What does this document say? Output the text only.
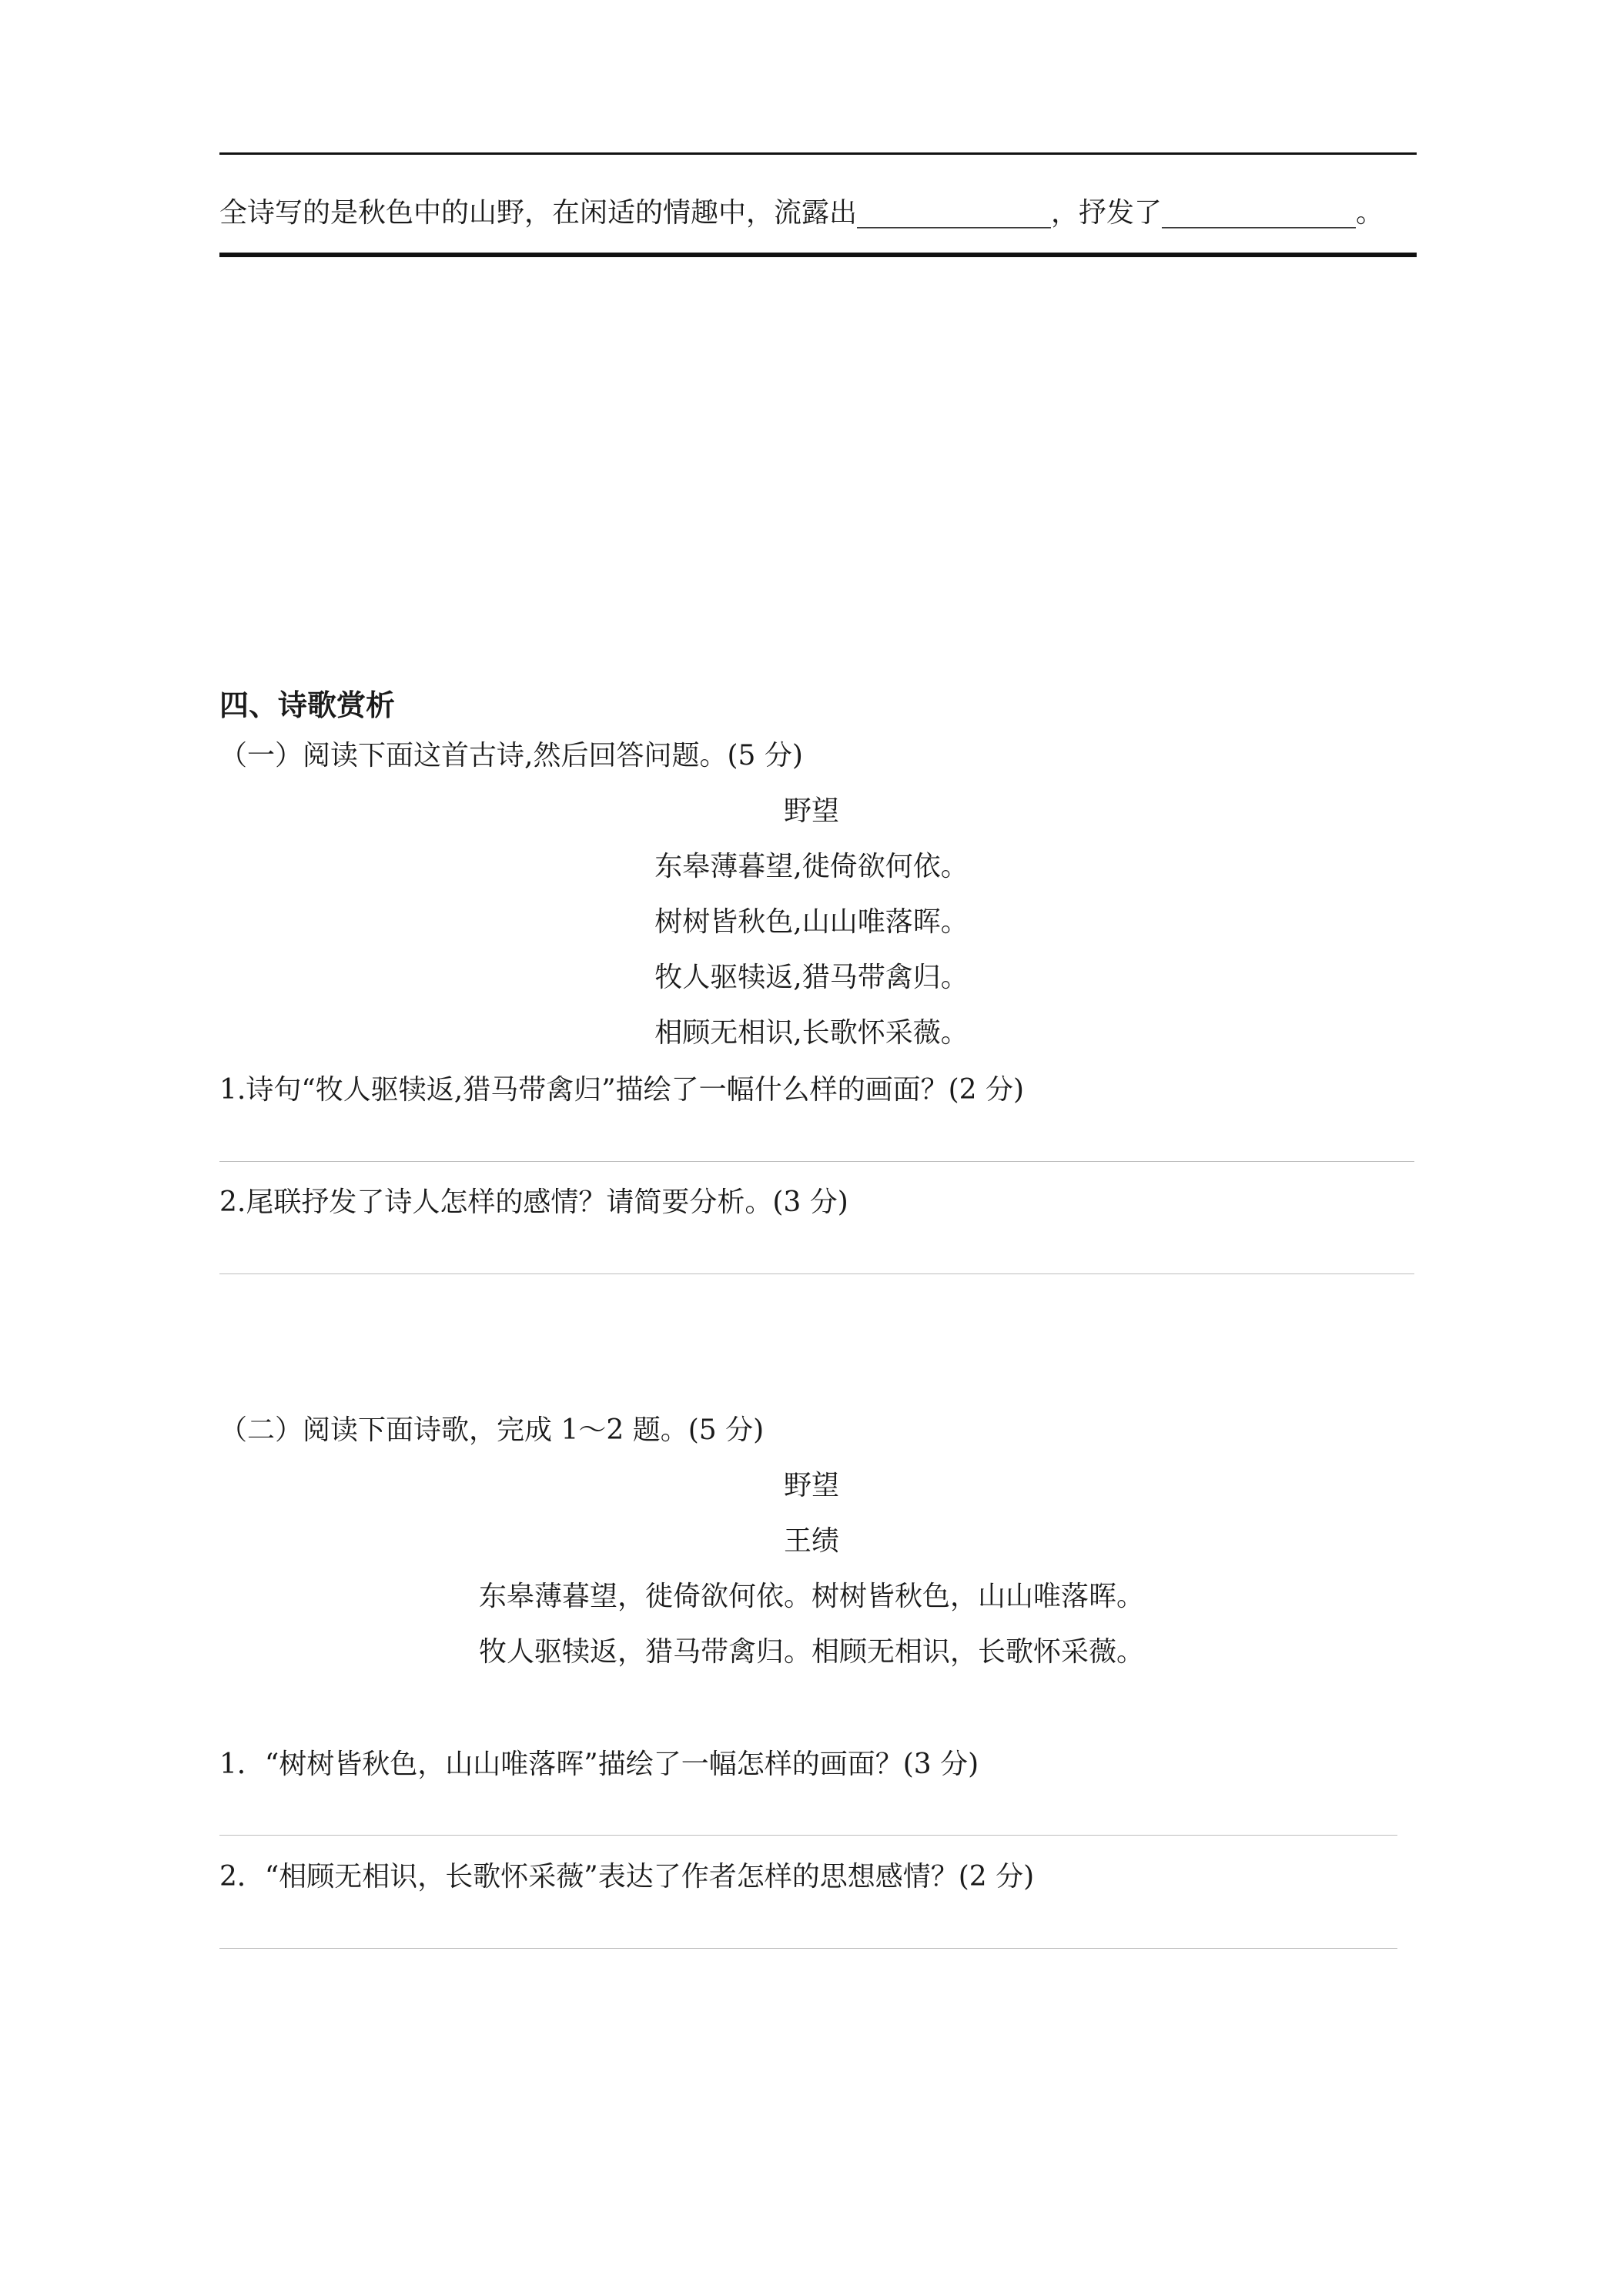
全诗写的是秋色中的山野，在闲适的情趣中，流露出______________，抒发了______________。
四、诗歌赏析
（一）阅读下面这首古诗,然后回答问题。(5 分)
野望
东皋薄暮望,徙倚欲何依。
树树皆秋色,山山唯落晖。
牧人驱犊返,猎马带禽归。
相顾无相识,长歌怀采薇。
1.诗句“牧人驱犊返,猎马带禽归”描绘了一幅什么样的画面？(2 分)
2.尾联抒发了诗人怎样的感情？请简要分析。(3 分)
（二）阅读下面诗歌，完成 1～2 题。(5 分)
野望
王绩
东皋薄暮望，徙倚欲何依。树树皆秋色，山山唯落晖。
牧人驱犊返，猎马带禽归。相顾无相识，长歌怀采薇。
1．“树树皆秋色，山山唯落晖”描绘了一幅怎样的画面？(3 分)
2．“相顾无相识，长歌怀采薇”表达了作者怎样的思想感情？(2 分)
